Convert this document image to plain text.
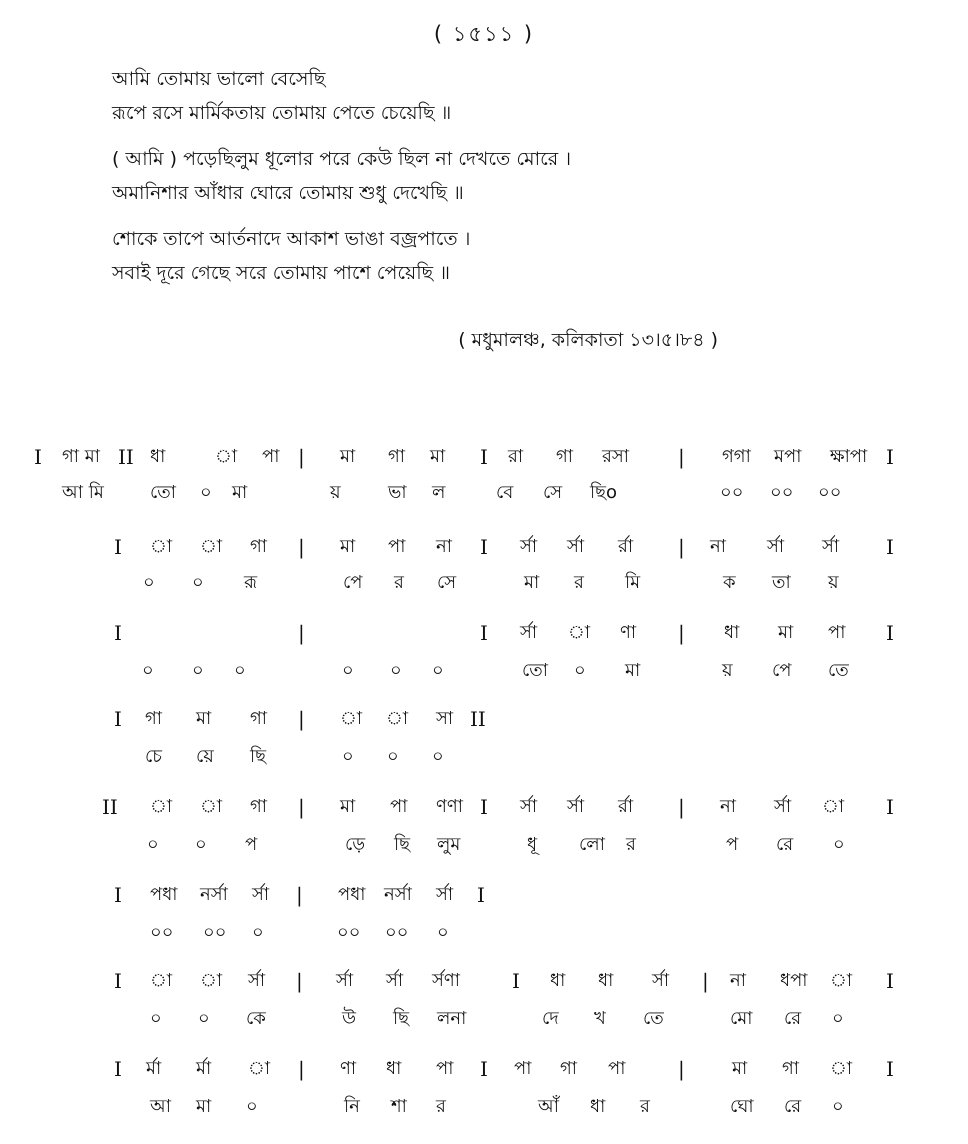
( ১৫১১ )
আমি তোমায় ভালো বেসেছি
রূপে রসে মার্মিকতায় তোমায় পেতে চেয়েছি ॥
( আমি ) পড়েছিলুম ধূলোর পরে কেউ ছিল না দেখতে মোরে ।
অমানিশার আঁধার ঘোরে তোমায় শুধু দেখেছি ॥
শোকে তাপে আর্তনাদে আকাশ ভাঙা বজ্রপাতে ।
সবাই দূরে গেছে সরে তোমায় পাশে পেয়েছি ॥
( মধুমালঞ্চ, কলিকাতা ১৩।৫।৮৪ )
I গা মা II ধা	া পা | মা গা মা I রা গা রসা | গগা মপা ক্ষাপা I
আ মি	তো ০ মা	য়	ভা ল	বে সে ছিo	০০ ০০ ০০
I া া গা | মা পা না I র্সা র্সা র্রা | না র্সা র্সা I
০ ০ রূ	পে র সে	মা র মি	ক তা য়
I	|	I র্সা া ণা | ধা মা পা I
০ ০ ০	০ ০ ০	তো ০ মা	য় পে তে
I গা মা গা | া া সা II
চে য়ে ছি	০ ০ ০
II া া গা | মা পা ণণা I র্সা র্সা র্রা | না র্সা া I
০ ০ প	ড়ে ছি লুম	ধূ লো র	প রে ০
I পধা নর্সা র্সা | পধা নর্সা র্সা I
০০ ০০ ০	০০ ০০ ০
I া া র্সা | র্সা র্সা র্সণা	I ধা ধা র্সা | না ধপা া I
০ ০ কে	উ ছি লনা	দে খ তে	মো রে ০
I র্মা র্মা া | ণা ধা পা I পা গা পা	|	মা গা া I
আ মা ০	নি শা র	আঁ ধা র	ঘো রে ০
